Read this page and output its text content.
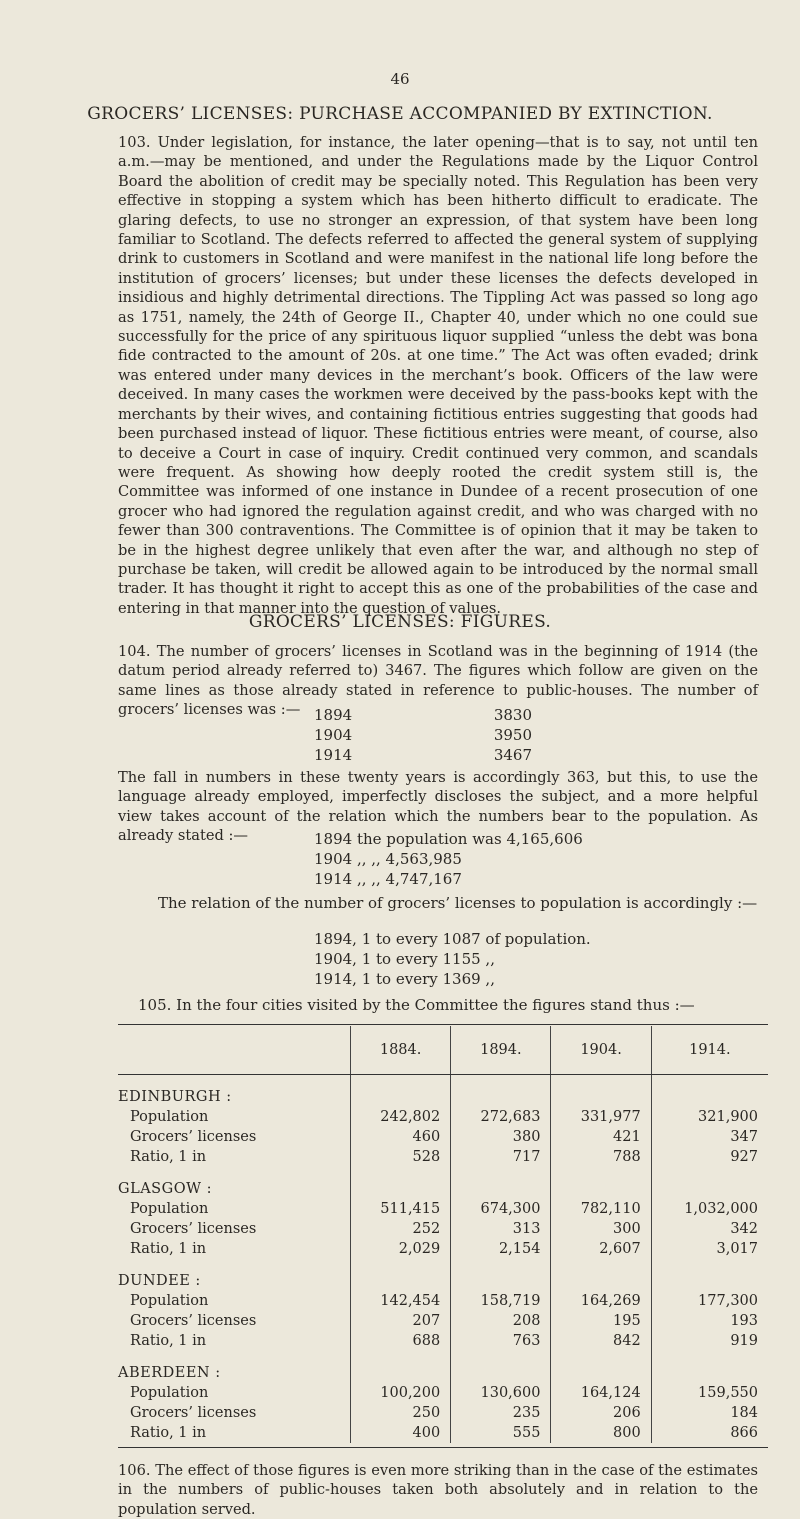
46
GROCERS’ LICENSES: PURCHASE ACCOMPANIED BY EXTINCTION.

103. Under legislation, for instance, the later opening—that is to say, not until ten a.m.—may be mentioned, and under the Regulations made by the Liquor Control Board the abolition of credit may be specially noted. This Regulation has been very effective in stopping a system which has been hitherto difficult to eradicate. The glaring defects, to use no stronger an expression, of that system have been long familiar to Scotland. The defects referred to affected the general system of supplying drink to customers in Scotland and were manifest in the national life long before the institution of grocers’ licenses; but under these licenses the defects developed in insidious and highly detrimental directions. The Tippling Act was passed so long ago as 1751, namely, the 24th of George II., Chapter 40, under which no one could sue successfully for the price of any spirituous liquor supplied “unless the debt was bona fide contracted to the amount of 20s. at one time.” The Act was often evaded; drink was entered under many devices in the merchant’s book. Officers of the law were deceived. In many cases the workmen were deceived by the pass-books kept with the merchants by their wives, and containing fictitious entries suggesting that goods had been purchased instead of liquor. These fictitious entries were meant, of course, also to deceive a Court in case of inquiry. Credit continued very common, and scandals were frequent. As showing how deeply rooted the credit system still is, the Committee was informed of one instance in Dundee of a recent prosecution of one grocer who had ignored the regulation against credit, and who was charged with no fewer than 300 contraventions. The Committee is of opinion that it may be taken to be in the highest degree unlikely that even after the war, and although no step of purchase be taken, will credit be allowed again to be introduced by the normal small trader. It has thought it right to accept this as one of the probabilities of the case and entering in that manner into the question of values.

GROCERS’ LICENSES: FIGURES.

104. The number of grocers’ licenses in Scotland was in the beginning of 1914 (the datum period already referred to) 3467. The figures which follow are given on the same lines as those already stated in reference to public-houses. The number of grocers’ licenses was :— 1894	3830
1904	3950
1914	3467

The fall in numbers in these twenty years is accordingly 363, but this, to use the language already employed, imperfectly discloses the subject, and a more helpful view takes account of the relation which the numbers bear to the population. As already stated :—	1894 the population was 4,165,606
1904 ,, ,, 4,563,985
1914 ,, ,, 4,747,167
The relation of the number of grocers’ licenses to population is accordingly :—
1894, 1 to every 1087 of population.
1904, 1 to every 1155 ,,
1914, 1 to every 1369 ,,
105. In the four cities visited by the Committee the figures stand thus :—
	1884.	1894.	1904.	1914.
EDINBURGH :				
Population	242,802	272,683	331,977	321,900
Grocers’ licenses	460	380	421	347
Ratio, 1 in	528	717	788	927
GLASGOW :				
Population	511,415	674,300	782,110	1,032,000
Grocers’ licenses	252	313	300	342
Ratio, 1 in	2,029	2,154	2,607	3,017
DUNDEE :				
Population	142,454	158,719	164,269	177,300
Grocers’ licenses	207	208	195	193
Ratio, 1 in	688	763	842	919
ABERDEEN :				
Population	100,200	130,600	164,124	159,550
Grocers’ licenses	250	235	206	184
Ratio, 1 in	400	555	800	866

106. The effect of those figures is even more striking than in the case of the estimates in the numbers of public-houses taken both absolutely and in relation to the population served.
